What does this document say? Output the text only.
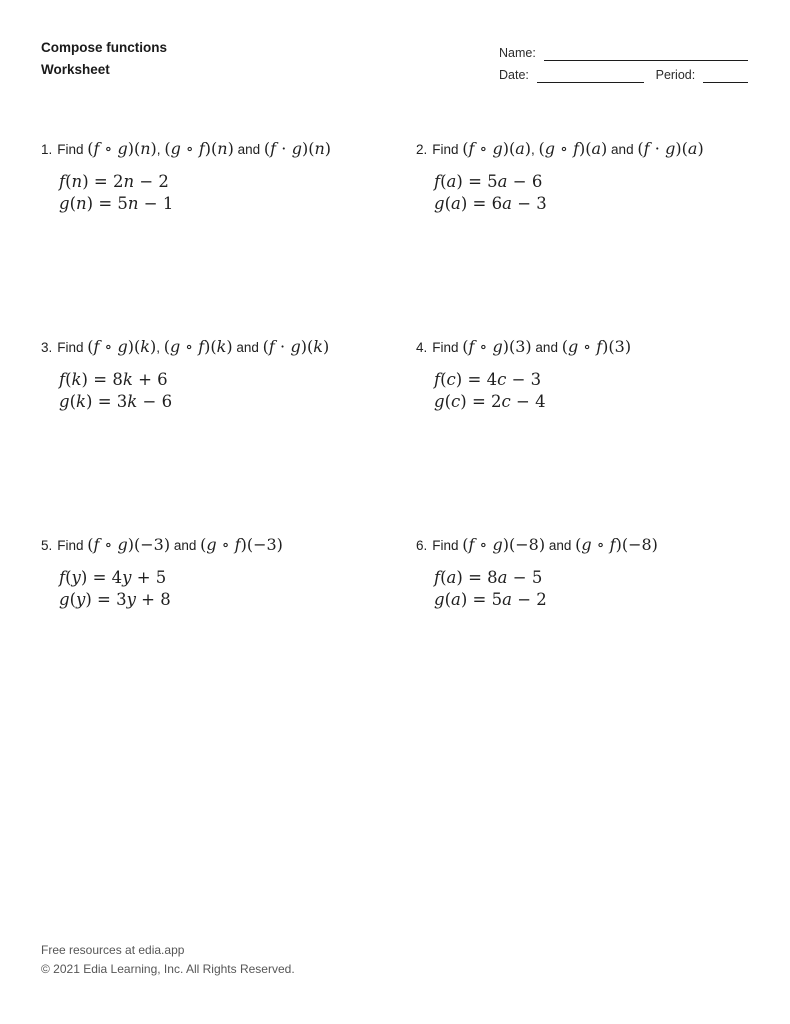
Compose functions
Worksheet
Name:
Date:	Period:
1. Find (f ∘ g)(n), (g ∘ f)(n) and (f ⋅ g)(n)
f(n) = 2n − 2
g(n) = 5n − 1
2. Find (f ∘ g)(a), (g ∘ f)(a) and (f ⋅ g)(a)
f(a) = 5a − 6
g(a) = 6a − 3
3. Find (f ∘ g)(k), (g ∘ f)(k) and (f ⋅ g)(k)
f(k) = 8k + 6
g(k) = 3k − 6
4. Find (f ∘ g)(3) and (g ∘ f)(3)
f(c) = 4c − 3
g(c) = 2c − 4
5. Find (f ∘ g)(−3) and (g ∘ f)(−3)
f(y) = 4y + 5
g(y) = 3y + 8
6. Find (f ∘ g)(−8) and (g ∘ f)(−8)
f(a) = 8a − 5
g(a) = 5a − 2
Free resources at edia.app
© 2021 Edia Learning, Inc. All Rights Reserved.
